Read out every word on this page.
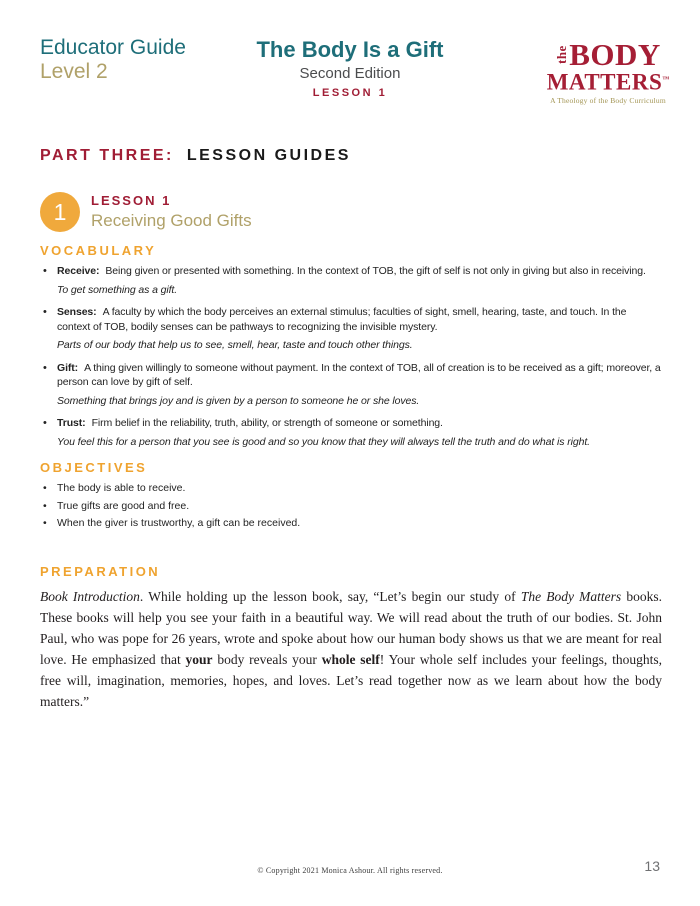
Educator Guide
Level 2
The Body Is a Gift
Second Edition
LESSON 1
the BODY
MATTERS™
A Theology of the Body Curriculum
PART THREE: LESSON GUIDES
1	LESSON 1
Receiving Good Gifts
VOCABULARY
• Receive: Being given or presented with something. In the context of TOB, the gift of self is not only in giving but also in receiving.
To get something as a gift.
• Senses: A faculty by which the body perceives an external stimulus; faculties of sight, smell, hearing, taste, and touch. In the context of TOB, bodily senses can be pathways to recognizing the invisible mystery.
Parts of our body that help us to see, smell, hear, taste and touch other things.
• Gift: A thing given willingly to someone without payment. In the context of TOB, all of creation is to be received as a gift; moreover, a person can love by gift of self.
Something that brings joy and is given by a person to someone he or she loves.
• Trust: Firm belief in the reliability, truth, ability, or strength of someone or something.
You feel this for a person that you see is good and so you know that they will always tell the truth and do what is right.
OBJECTIVES
• The body is able to receive.
• True gifts are good and free.
• When the giver is trustworthy, a gift can be received.
PREPARATION

Book Introduction. While holding up the lesson book, say, “Let’s begin our study of The Body Matters books. These books will help you see your faith in a beautiful way. We will read about the truth of our bodies. St. John Paul, who was pope for 26 years, wrote and spoke about how our human body shows us that we are meant for real love. He emphasized that your body reveals your whole self! Your whole self includes your feelings, thoughts, free will, imagination, memories, hopes, and loves. Let’s read together now as we learn about how the body matters.”

© Copyright 2021 Monica Ashour. All rights reserved.	13
